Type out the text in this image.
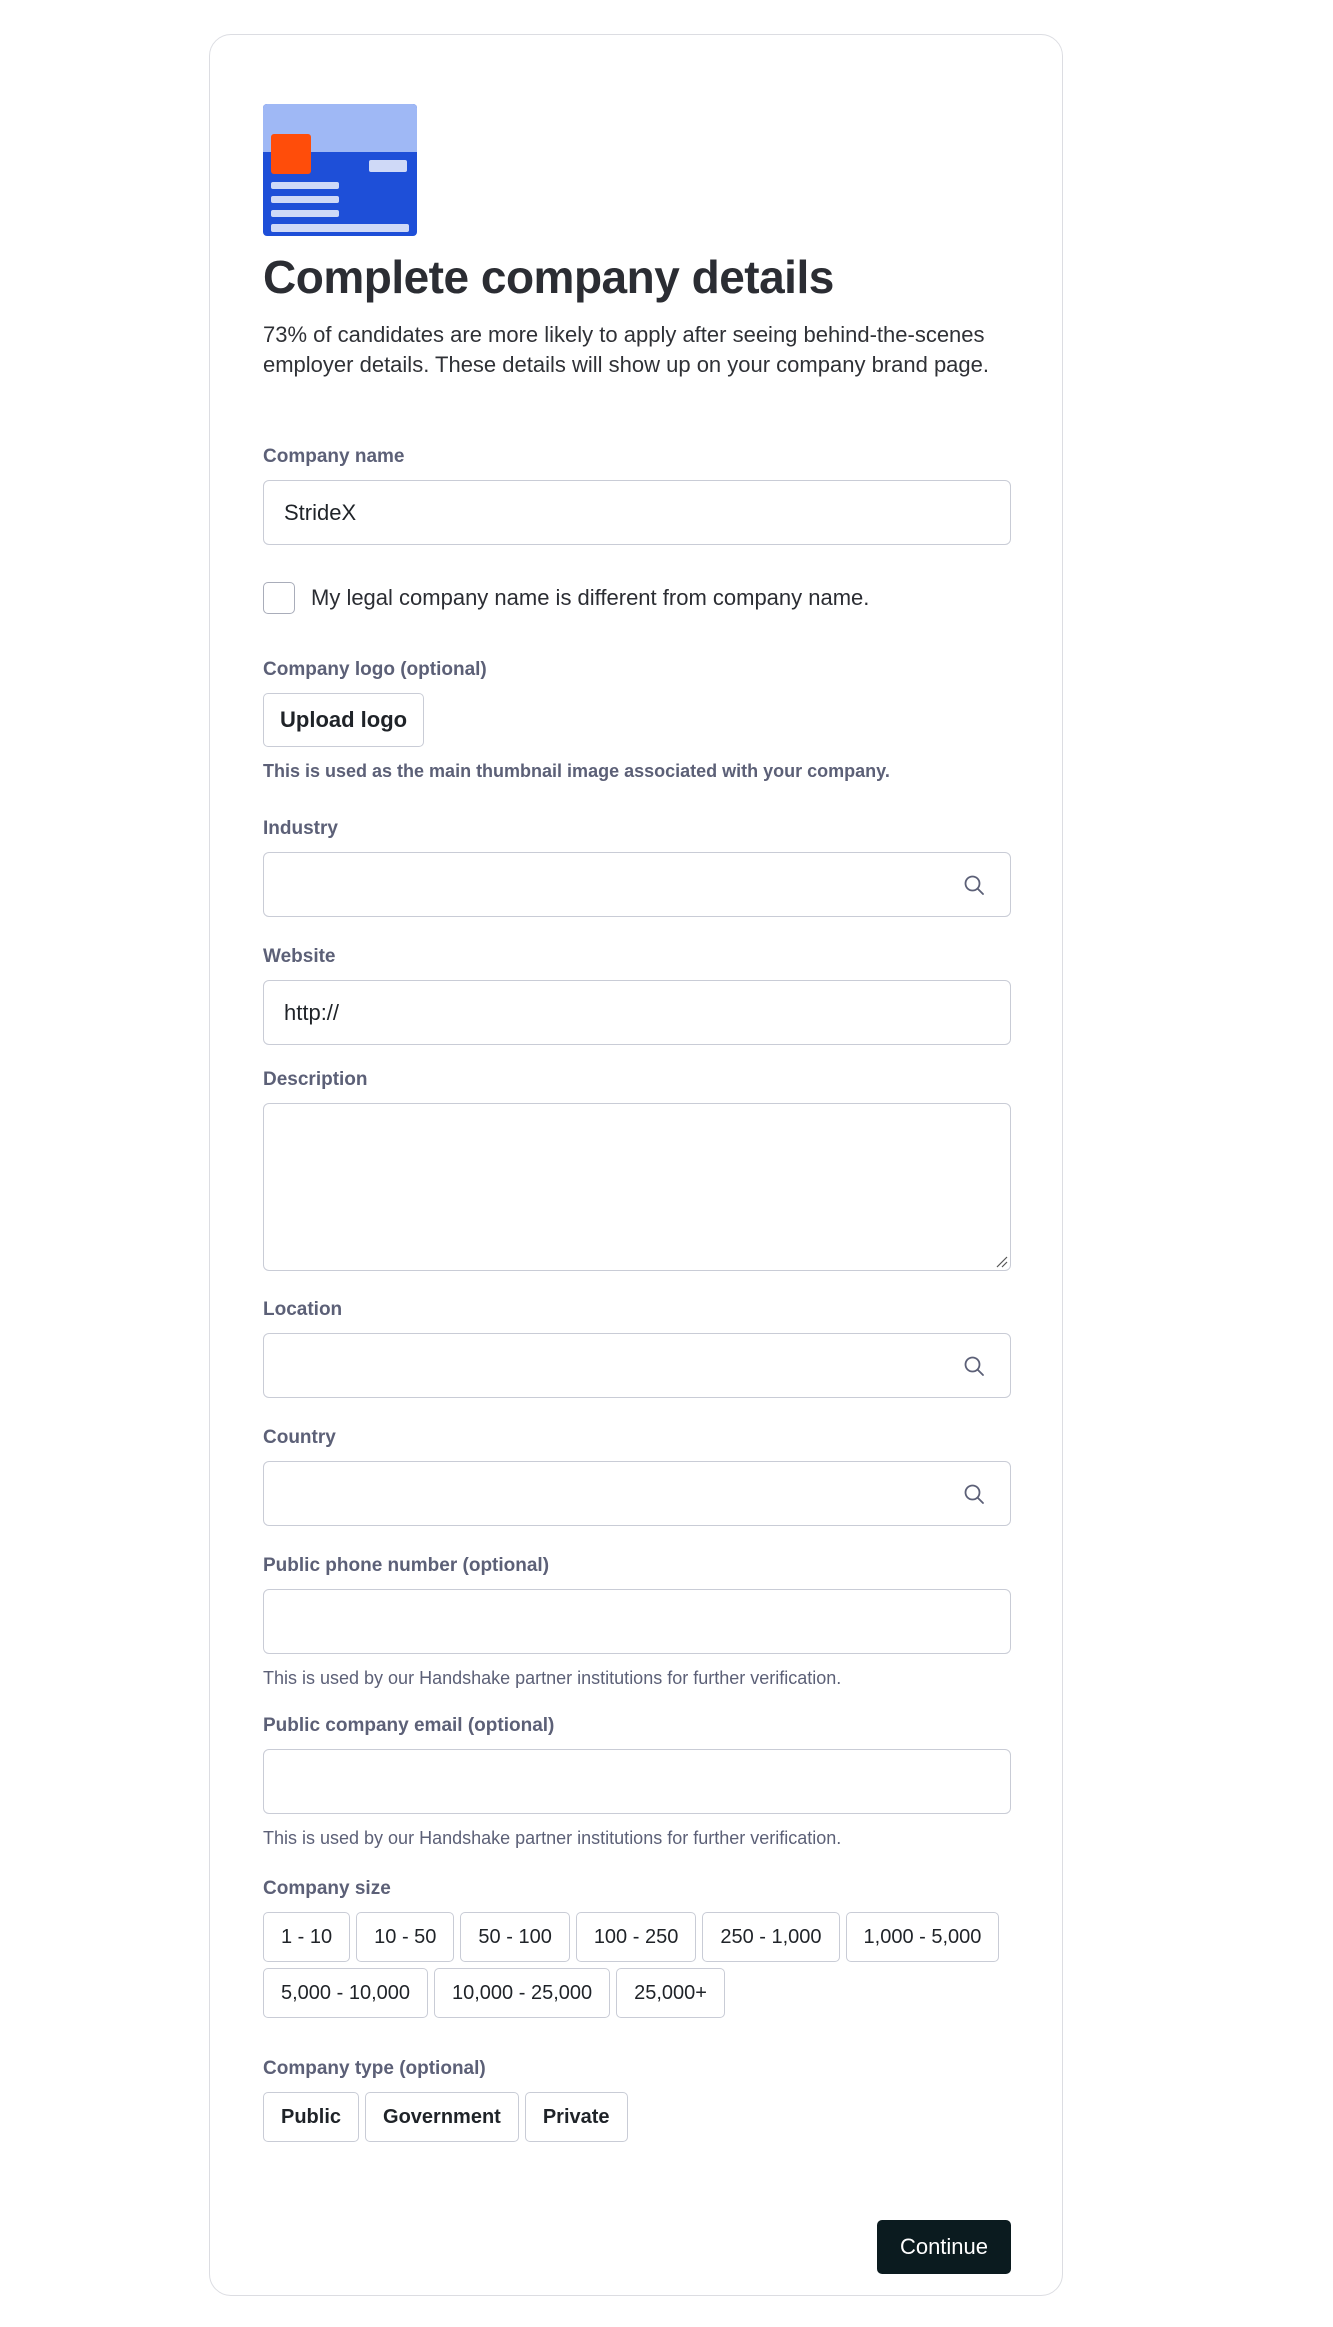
Complete company details

73% of candidates are more likely to apply after seeing behind-the-scenes employer details. These details will show up on your company brand page.

Company name
StrideX
My legal company name is different from company name.
Company logo (optional)
Upload logo
This is used as the main thumbnail image associated with your company.
Industry
Website
http://
Description
Location
Country
Public phone number (optional)
This is used by our Handshake partner institutions for further verification.
Public company email (optional)
This is used by our Handshake partner institutions for further verification.
Company size
1 - 10	10 - 50	50 - 100	100 - 250	250 - 1,000	1,000 - 5,000
5,000 - 10,000	10,000 - 25,000	25,000+
Company type (optional)
Public	Government	Private
Continue
